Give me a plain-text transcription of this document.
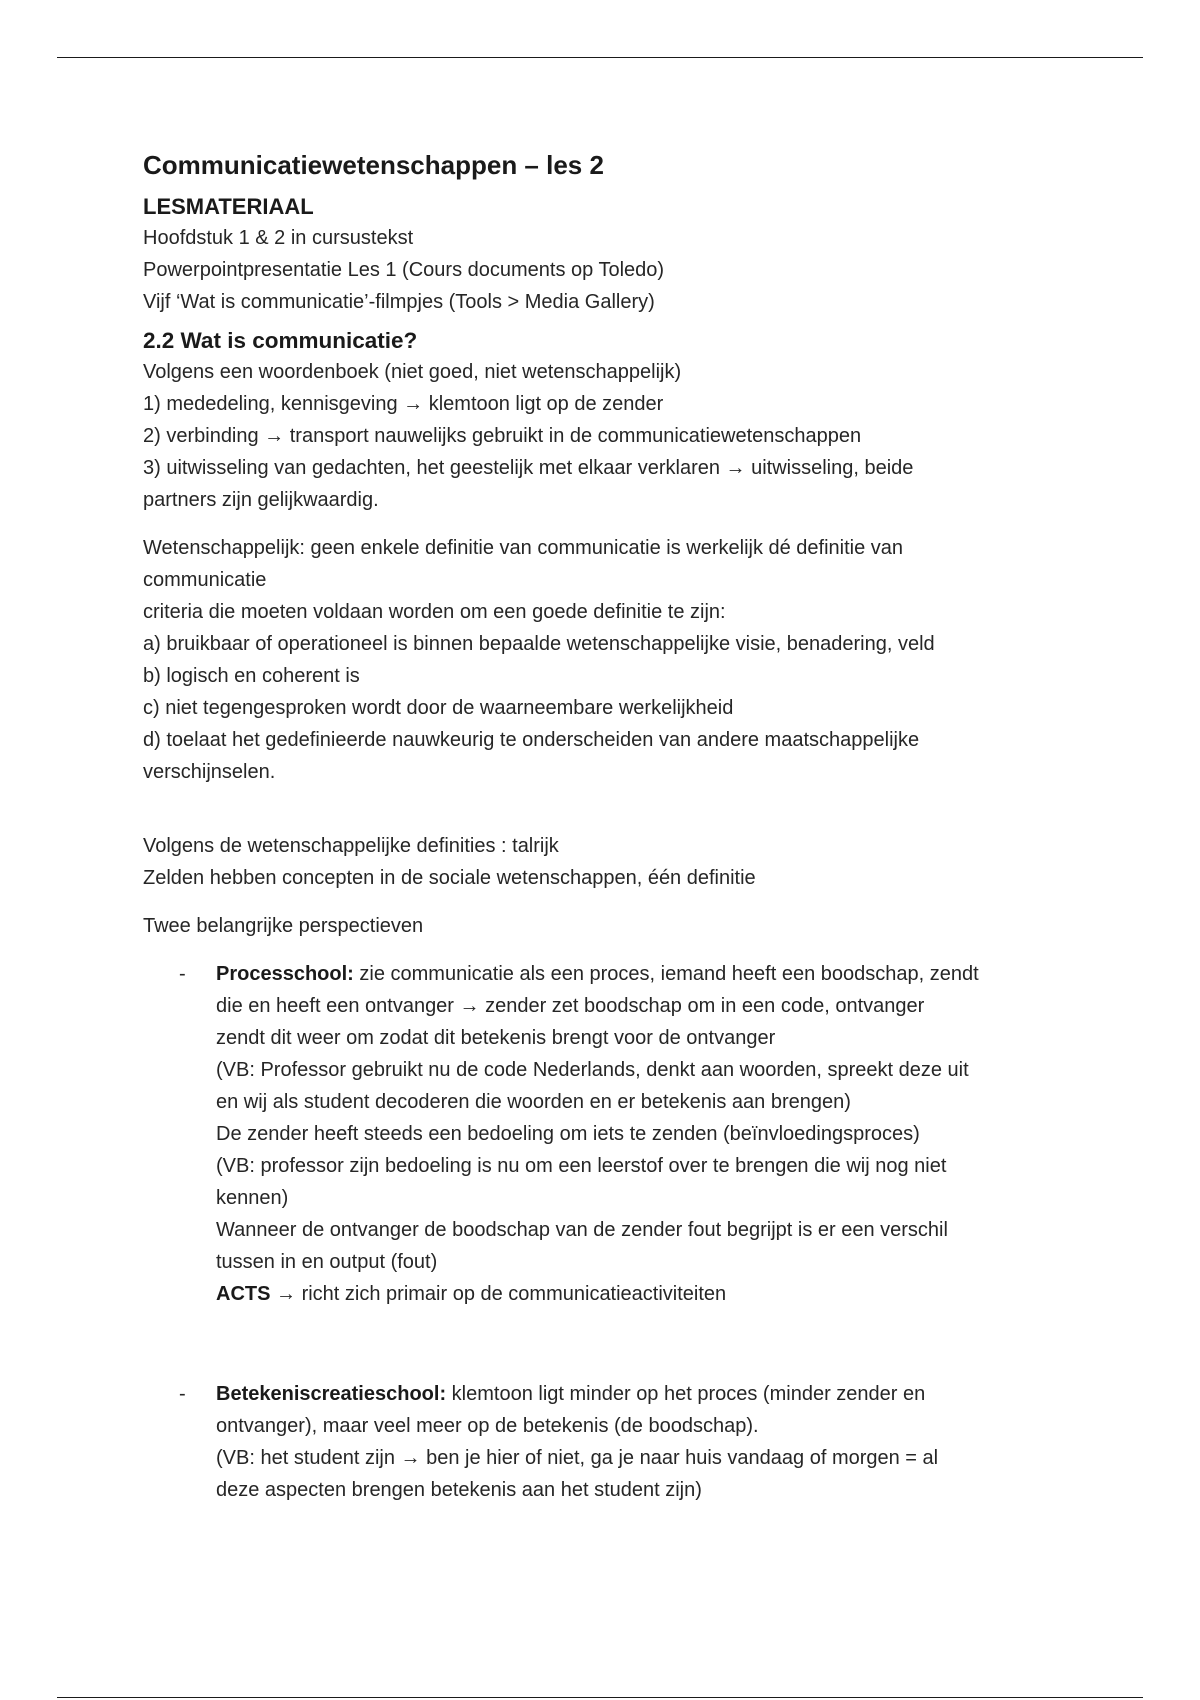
Communicatiewetenschappen – les 2

LESMATERIAAL

Hoofdstuk 1 & 2 in cursustekst

Powerpointpresentatie Les 1 (Cours documents op Toledo)

Vijf ‘Wat is communicatie’-filmpjes (Tools > Media Gallery)

2.2 Wat is communicatie?

Volgens een woordenboek (niet goed, niet wetenschappelijk)

1) mededeling, kennisgeving → klemtoon ligt op de zender

2) verbinding → transport nauwelijks gebruikt in de communicatiewetenschappen

3) uitwisseling van gedachten, het geestelijk met elkaar verklaren → uitwisseling, beide

partners zijn gelijkwaardig.

Wetenschappelijk: geen enkele definitie van communicatie is werkelijk dé definitie van

communicatie

criteria die moeten voldaan worden om een goede definitie te zijn:

a) bruikbaar of operationeel is binnen bepaalde wetenschappelijke visie, benadering, veld

b) logisch en coherent is

c) niet tegengesproken wordt door de waarneembare werkelijkheid

d) toelaat het gedefinieerde nauwkeurig te onderscheiden van andere maatschappelijke

verschijnselen.

Volgens de wetenschappelijke definities : talrijk

Zelden hebben concepten in de sociale wetenschappen, één definitie

Twee belangrijke perspectieven

- Processchool: zie communicatie als een proces, iemand heeft een boodschap, zendt

die en heeft een ontvanger → zender zet boodschap om in een code, ontvanger

zendt dit weer om zodat dit betekenis brengt voor de ontvanger

(VB: Professor gebruikt nu de code Nederlands, denkt aan woorden, spreekt deze uit

en wij als student decoderen die woorden en er betekenis aan brengen)

De zender heeft steeds een bedoeling om iets te zenden (beïnvloedingsproces)

(VB: professor zijn bedoeling is nu om een leerstof over te brengen die wij nog niet

kennen)

Wanneer de ontvanger de boodschap van de zender fout begrijpt is er een verschil

tussen in en output (fout)

ACTS → richt zich primair op de communicatieactiviteiten

- Betekeniscreatieschool: klemtoon ligt minder op het proces (minder zender en

ontvanger), maar veel meer op de betekenis (de boodschap).

(VB: het student zijn → ben je hier of niet, ga je naar huis vandaag of morgen = al

deze aspecten brengen betekenis aan het student zijn)
